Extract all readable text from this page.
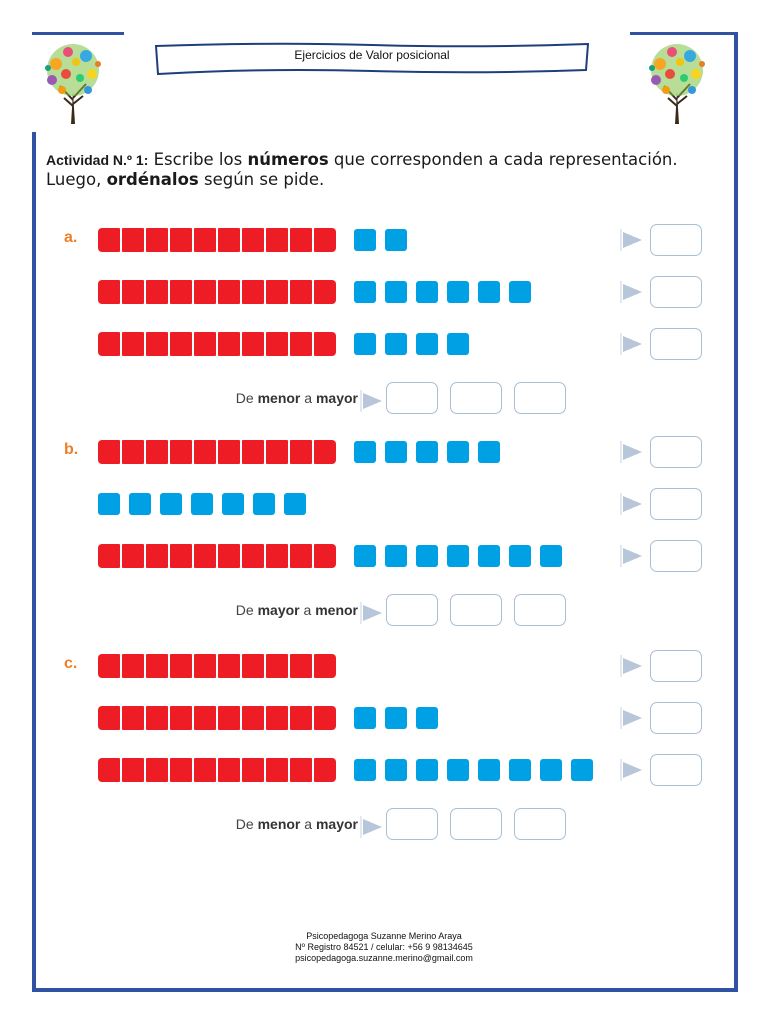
Ejercicios de Valor posicional
Actividad N.º 1: Escribe los números que corresponden a cada representación.
Luego, ordénalos según se pide.
a.
De menor a mayor
b.
De mayor a menor
c.
De menor a mayor
Psicopedagoga Suzanne Merino Araya
Nº Registro 84521 / celular: +56 9 98134645
psicopedagoga.suzanne.merino@gmail.com
